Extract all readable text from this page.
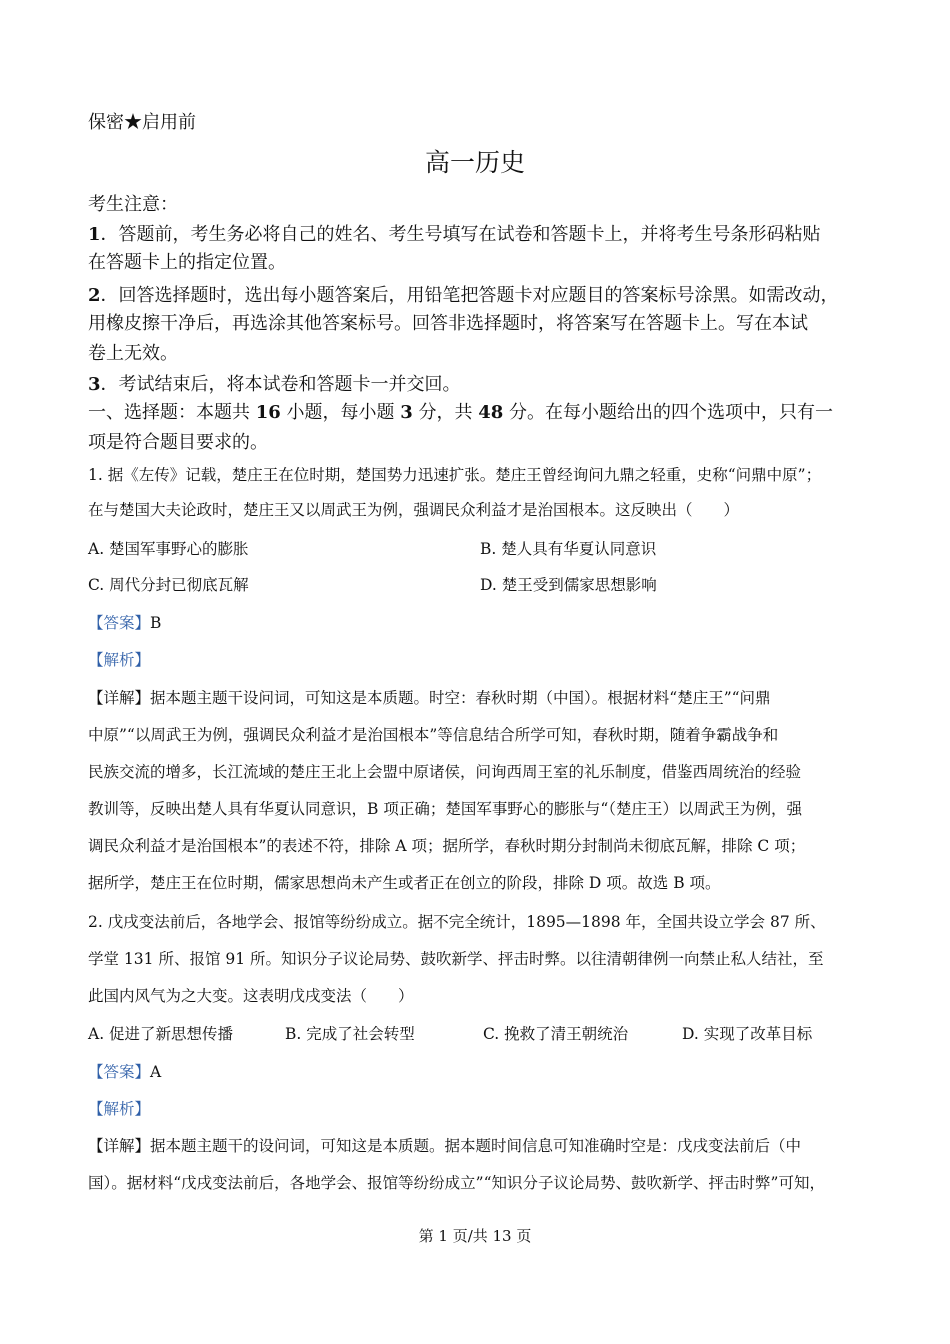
保密★启用前
高一历史
考生注意：
1．答题前，考生务必将自己的姓名、考生号填写在试卷和答题卡上，并将考生号条形码粘贴
在答题卡上的指定位置。
2．回答选择题时，选出每小题答案后，用铅笔把答题卡对应题目的答案标号涂黑。如需改动，
用橡皮擦干净后，再选涂其他答案标号。回答非选择题时，将答案写在答题卡上。写在本试
卷上无效。
3．考试结束后，将本试卷和答题卡一并交回。
一、选择题：本题共 16 小题，每小题 3 分，共 48 分。在每小题给出的四个选项中，只有一
项是符合题目要求的。
1. 据《左传》记载，楚庄王在位时期，楚国势力迅速扩张。楚庄王曾经询问九鼎之轻重，史称“问鼎中原”；
在与楚国大夫论政时，楚庄王又以周武王为例，强调民众利益才是治国根本。这反映出（　　）
A. 楚国军事野心的膨胀	B. 楚人具有华夏认同意识
C. 周代分封已彻底瓦解	D. 楚王受到儒家思想影响
【答案】B
【解析】
【详解】据本题主题干设问词，可知这是本质题。时空：春秋时期（中国）。根据材料“楚庄王”“问鼎
中原”“以周武王为例，强调民众利益才是治国根本”等信息结合所学可知，春秋时期，随着争霸战争和
民族交流的增多，长江流域的楚庄王北上会盟中原诸侯，问询西周王室的礼乐制度，借鉴西周统治的经验
教训等，反映出楚人具有华夏认同意识，B 项正确；楚国军事野心的膨胀与“（楚庄王）以周武王为例，强
调民众利益才是治国根本”的表述不符，排除 A 项；据所学，春秋时期分封制尚未彻底瓦解，排除 C 项；
据所学，楚庄王在位时期，儒家思想尚未产生或者正在创立的阶段，排除 D 项。故选 B 项。
2. 戊戌变法前后，各地学会、报馆等纷纷成立。据不完全统计，1895—1898 年，全国共设立学会 87 所、
学堂 131 所、报馆 91 所。知识分子议论局势、鼓吹新学、抨击时弊。以往清朝律例一向禁止私人结社，至
此国内风气为之大变。这表明戊戌变法（　　）
A. 促进了新思想传播	B. 完成了社会转型	C. 挽救了清王朝统治	D. 实现了改革目标
【答案】A
【解析】
【详解】据本题主题干的设问词，可知这是本质题。据本题时间信息可知准确时空是：戊戌变法前后（中
国）。据材料“戊戌变法前后，各地学会、报馆等纷纷成立”“知识分子议论局势、鼓吹新学、抨击时弊”可知，
第 1 页/共 13 页
